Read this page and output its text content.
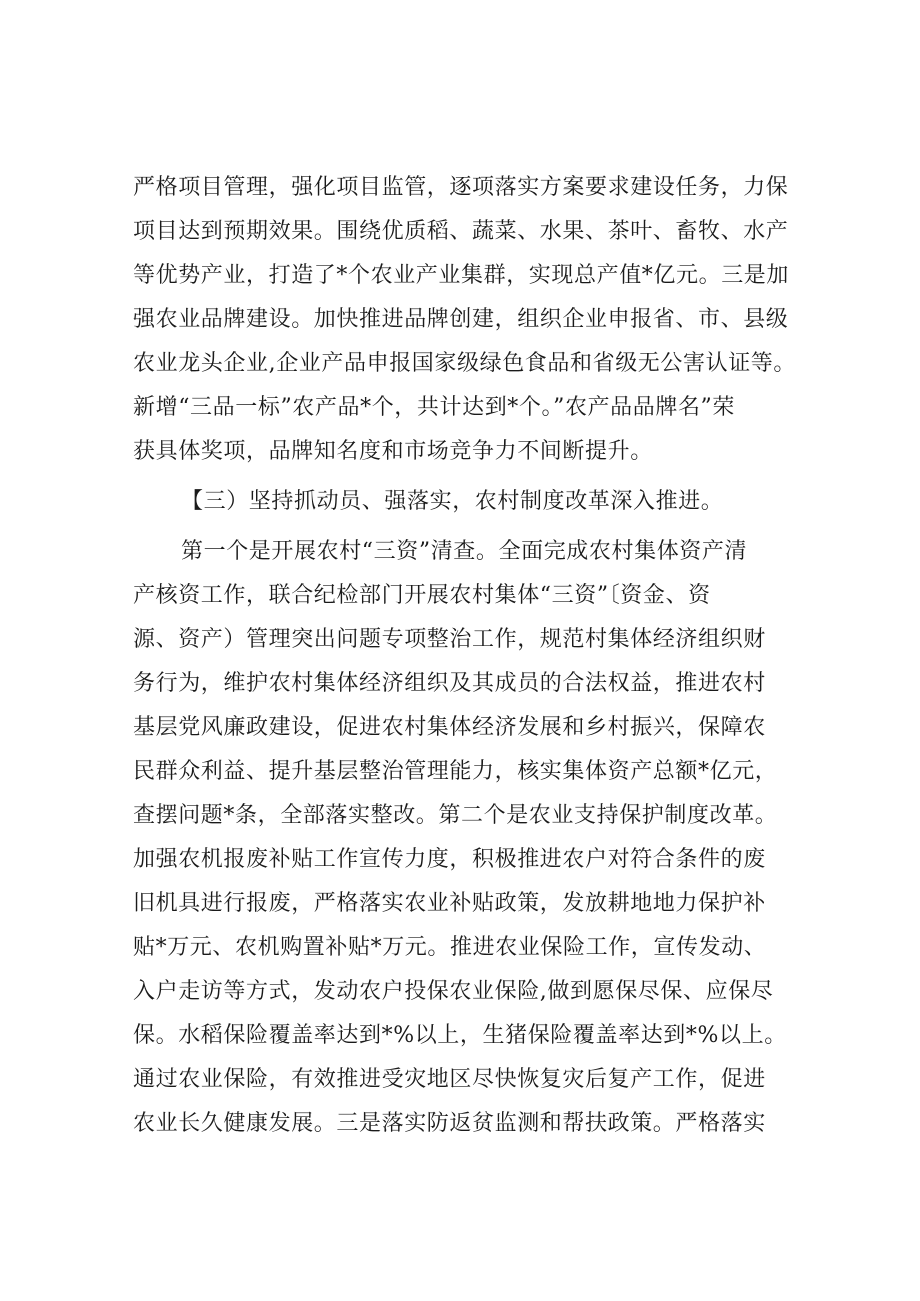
严格项目管理，强化项目监管，逐项落实方案要求建设任务，力保
项目达到预期效果。围绕优质稻、蔬菜、水果、茶叶、畜牧、水产
等优势产业，打造了*个农业产业集群，实现总产值*亿元。三是加
强农业品牌建设。加快推进品牌创建，组织企业申报省、市、县级
农业龙头企业,企业产品申报国家级绿色食品和省级无公害认证等。
新增“三品一标”农产品*个，共计达到*个。”农产品品牌名”荣
获具体奖项，品牌知名度和市场竞争力不间断提升。
【三）坚持抓动员、强落实，农村制度改革深入推进。
第一个是开展农村“三资”清查。全面完成农村集体资产清
产核资工作，联合纪检部门开展农村集体“三资”〔资金、资
源、资产）管理突出问题专项整治工作，规范村集体经济组织财
务行为，维护农村集体经济组织及其成员的合法权益，推进农村
基层党风廉政建设，促进农村集体经济发展和乡村振兴，保障农
民群众利益、提升基层整治管理能力，核实集体资产总额*亿元，
查摆问题*条，全部落实整改。第二个是农业支持保护制度改革。
加强农机报废补贴工作宣传力度，积极推进农户对符合条件的废
旧机具进行报废，严格落实农业补贴政策，发放耕地地力保护补
贴*万元、农机购置补贴*万元。推进农业保险工作，宣传发动、
入户走访等方式，发动农户投保农业保险,做到愿保尽保、应保尽
保。水稻保险覆盖率达到*%以上，生猪保险覆盖率达到*%以上。
通过农业保险，有效推进受灾地区尽快恢复灾后复产工作，促进
农业长久健康发展。三是落实防返贫监测和帮扶政策。严格落实
